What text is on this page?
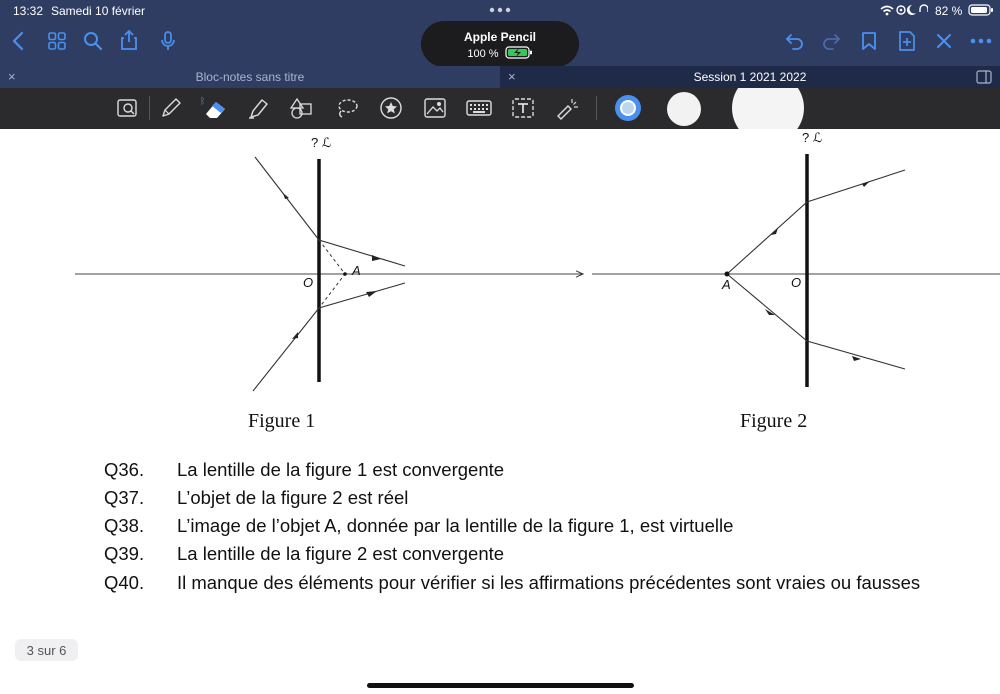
13:32 Samedi 10 février	82 %
Apple Pencil
100 %
×	Bloc-notes sans titre	×	Session 1 2021 2022
ᛒ
? ℒ
O
A
? ℒ
O
A
Figure 1	Figure 2
Q36. La lentille de la figure 1 est convergente
Q37. L’objet de la figure 2 est réel
Q38. L’image de l’objet A, donnée par la lentille de la figure 1, est virtuelle
Q39. La lentille de la figure 2 est convergente
Q40. Il manque des éléments pour vérifier si les affirmations précédentes sont vraies ou fausses
3 sur 6
